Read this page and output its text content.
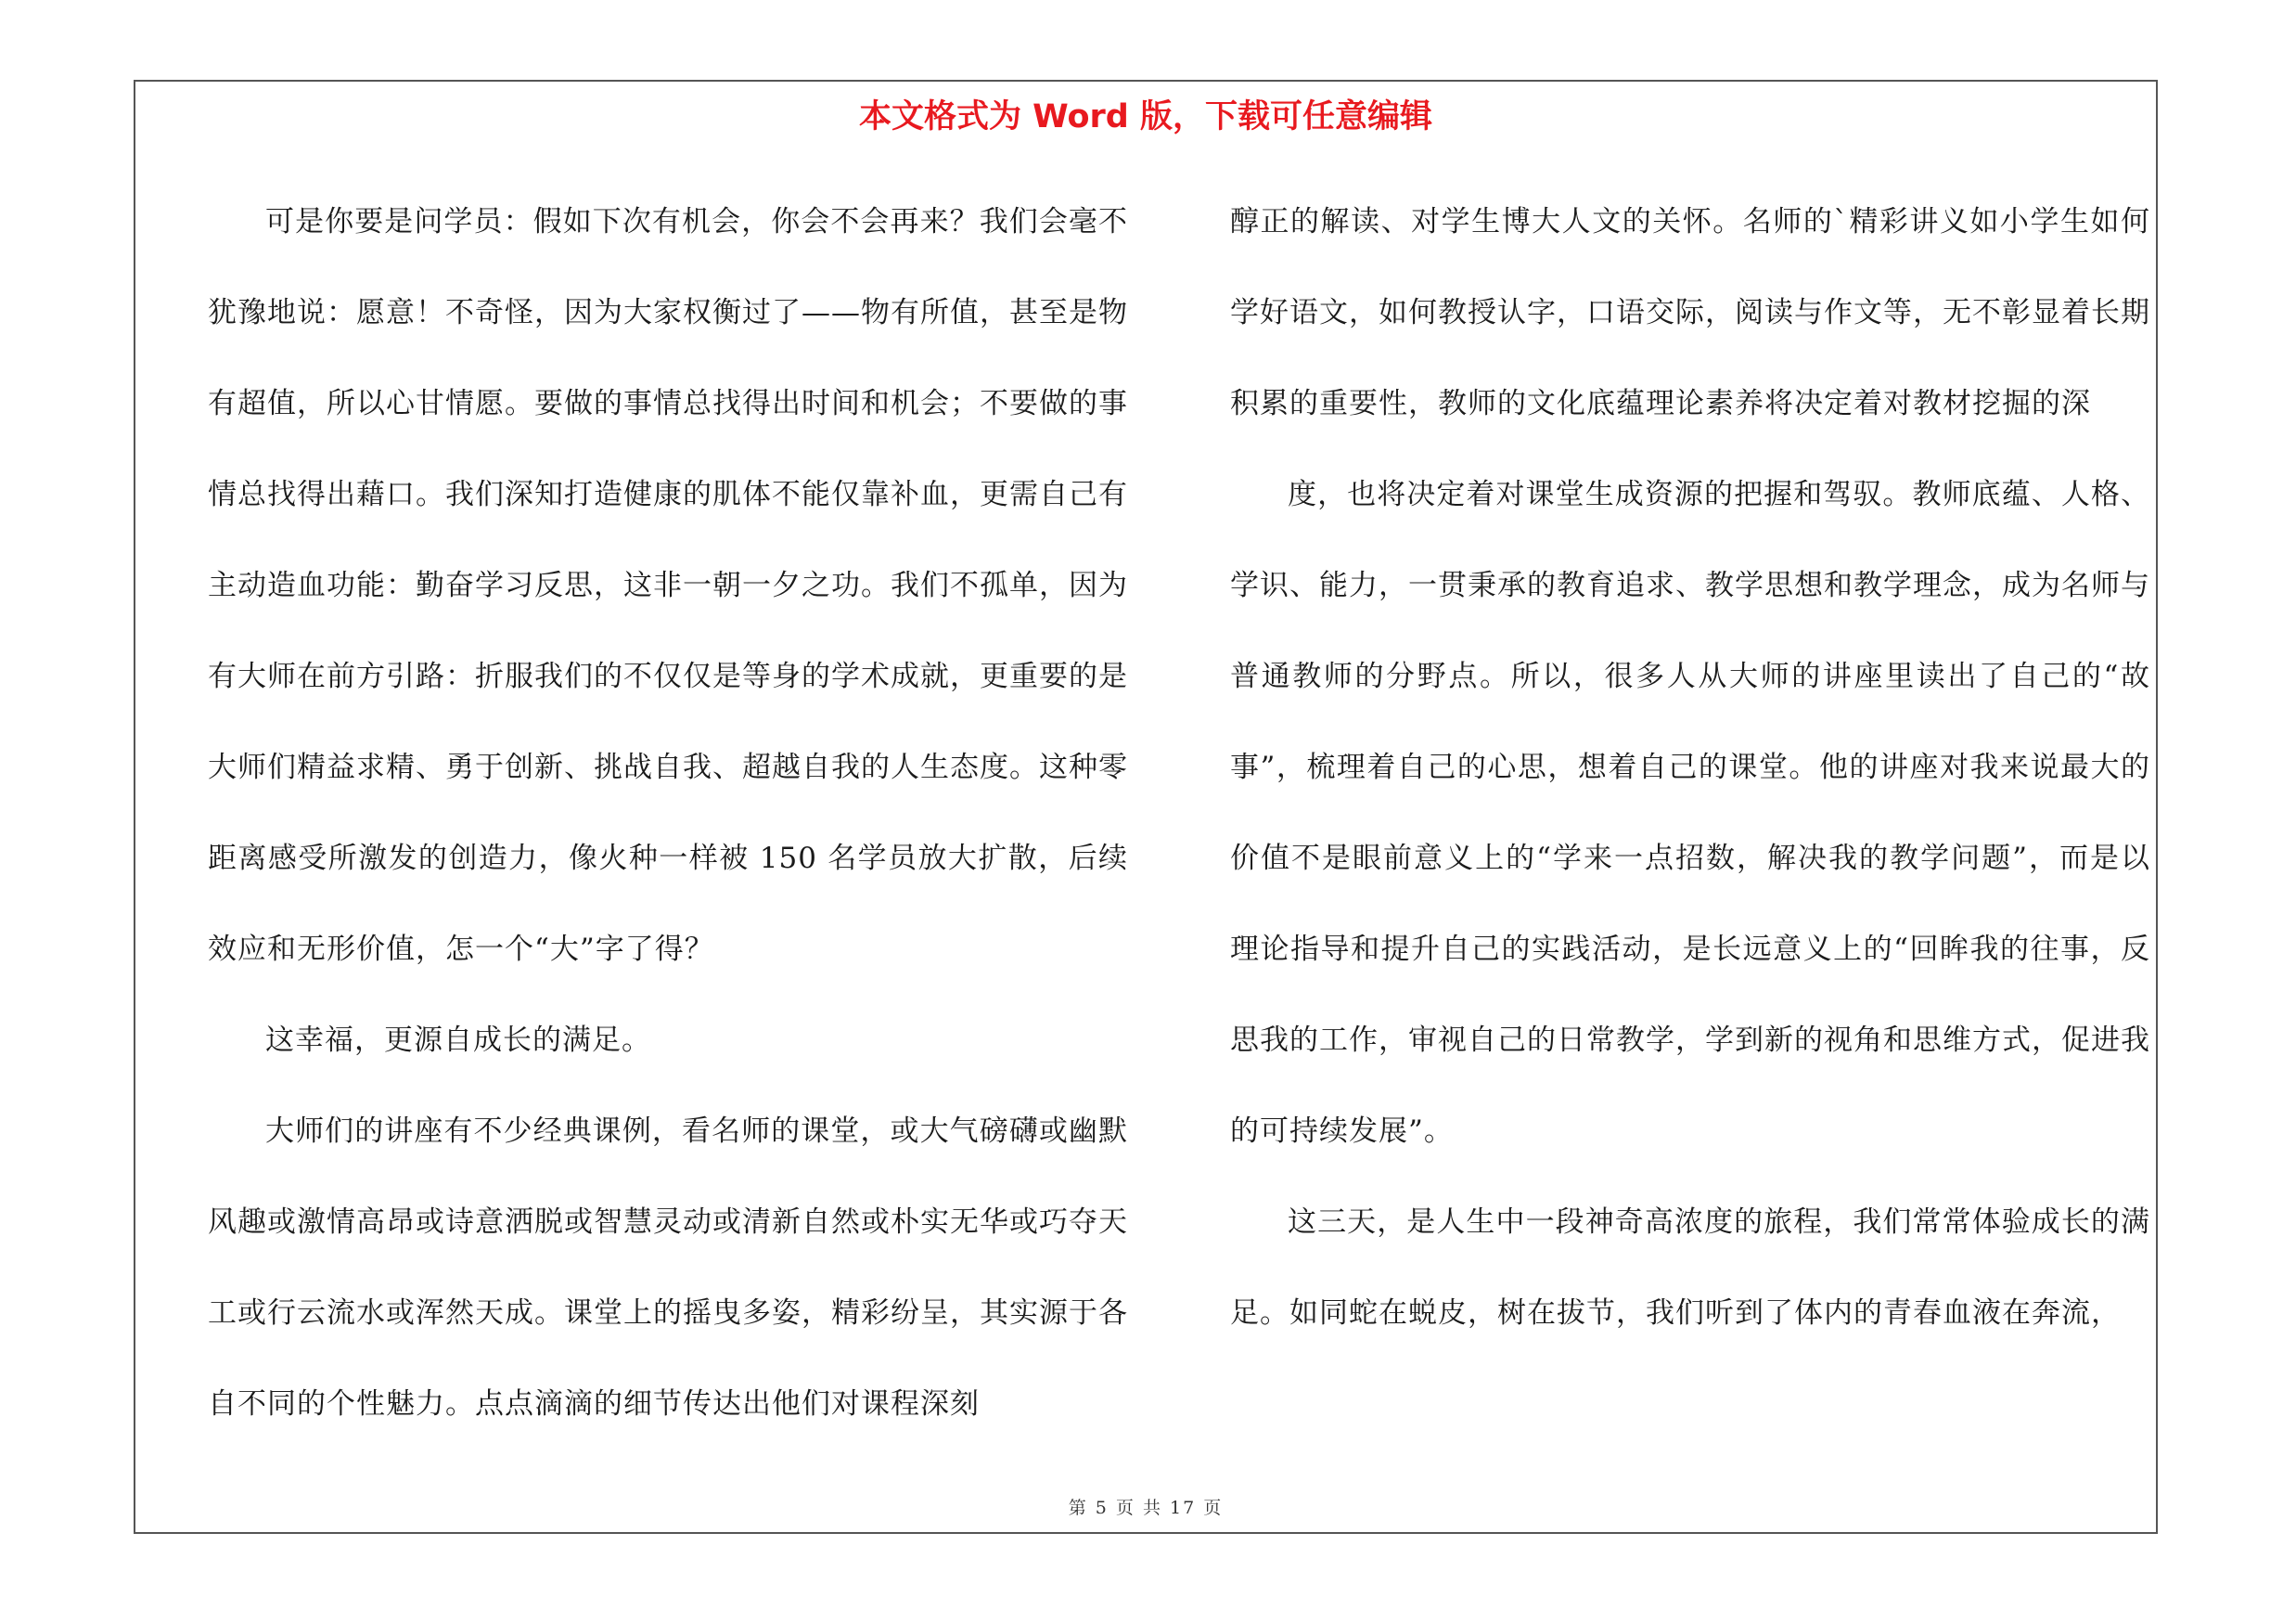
本文格式为 Word 版，下载可任意编辑

可是你要是问学员：假如下次有机会，你会不会再来？我们会毫不犹豫地说：愿意！不奇怪，因为大家权衡过了——物有所值，甚至是物有超值，所以心甘情愿。要做的事情总找得出时间和机会；不要做的事情总找得出藉口。我们深知打造健康的肌体不能仅靠补血，更需自己有主动造血功能：勤奋学习反思，这非一朝一夕之功。我们不孤单，因为有大师在前方引路：折服我们的不仅仅是等身的学术成就，更重要的是大师们精益求精、勇于创新、挑战自我、超越自我的人生态度。这种零距离感受所激发的创造力，像火种一样被 150 名学员放大扩散，后续效应和无形价值，怎一个“大”字了得？

这幸福，更源自成长的满足。

大师们的讲座有不少经典课例，看名师的课堂，或大气磅礴或幽默风趣或激情高昂或诗意洒脱或智慧灵动或清新自然或朴实无华或巧夺天工或行云流水或浑然天成。课堂上的摇曳多姿，精彩纷呈，其实源于各自不同的个性魅力。点点滴滴的细节传达出他们对课程深刻

醇正的解读、对学生博大人文的关怀。名师的`精彩讲义如小学生如何学好语文，如何教授认字，口语交际，阅读与作文等，无不彰显着长期积累的重要性，教师的文化底蕴理论素养将决定着对教材挖掘的深

度，也将决定着对课堂生成资源的把握和驾驭。教师底蕴、人格、学识、能力，一贯秉承的教育追求、教学思想和教学理念，成为名师与普通教师的分野点。所以，很多人从大师的讲座里读出了自己的“故事”，梳理着自己的心思，想着自己的课堂。他的讲座对我来说最大的价值不是眼前意义上的“学来一点招数，解决我的教学问题”，而是以理论指导和提升自己的实践活动，是长远意义上的“回眸我的往事，反思我的工作，审视自己的日常教学，学到新的视角和思维方式，促进我的可持续发展”。

这三天，是人生中一段神奇高浓度的旅程，我们常常体验成长的满足。如同蛇在蜕皮，树在拔节，我们听到了体内的青春血液在奔流，

第 5 页 共 17 页
